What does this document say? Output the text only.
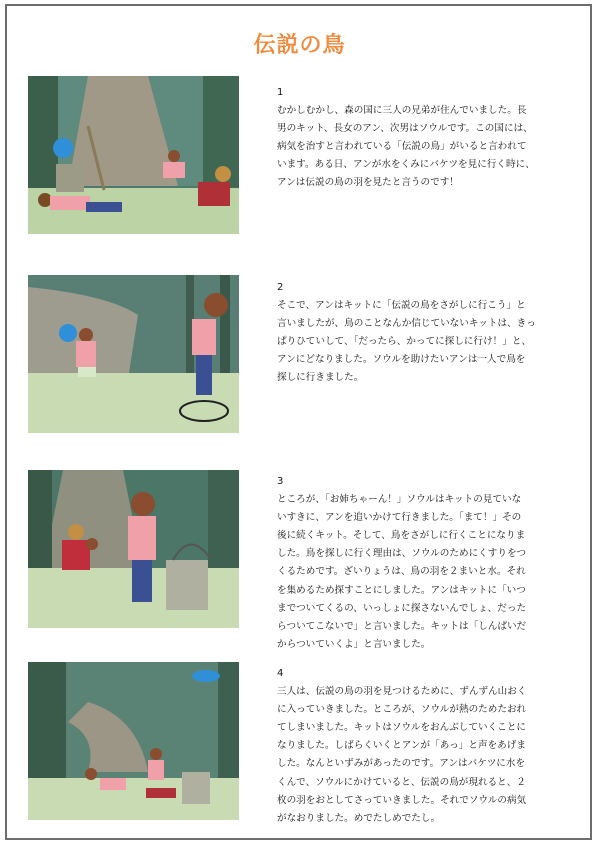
伝説の鳥
1
むかしむかし、森の国に三人の兄弟が住んでいました。長
男のキット、長女のアン、次男はソウルです。この国には、
病気を治すと言われている「伝説の鳥」がいると言われて
います。ある日、アンが水をくみにバケツを見に行く時に、
アンは伝説の鳥の羽を見たと言うのです！
2
そこで、アンはキットに「伝説の鳥をさがしに行こう」と
言いましたが、鳥のことなんか信じていないキットは、きっ
ぱりひていして、「だったら、かってに探しに行け！」と、
アンにどなりました。ソウルを助けたいアンは一人で鳥を
探しに行きました。
3
ところが、「お姉ちゃーん！」ソウルはキットの見ていな
いすきに、アンを追いかけて行きました。「まて！」その
後に続くキット。そして、鳥をさがしに行くことになりま
した。鳥を探しに行く理由は、ソウルのためにくすりをつ
くるためです。ざいりょうは、鳥の羽を２まいと水。それ
を集めるため探すことにしました。アンはキットに「いつ
までついてくるの、いっしょに探さないんでしょ、だった
らついてこないで」と言いました。キットは「しんぱいだ
からついていくよ」と言いました。
4
三人は、伝説の鳥の羽を見つけるために、ずんずん山おく
に入っていきました。ところが、ソウルが熱のためたおれ
てしまいました。キットはソウルをおんぶしていくことに
なりました。しばらくいくとアンが「あっ」と声をあげま
した。なんといずみがあったのです。アンはバケツに水を
くんで、ソウルにかけていると、伝説の鳥が現れると、２
枚の羽をおとしてさっていきました。それでソウルの病気
がなおりました。めでたしめでたし。
